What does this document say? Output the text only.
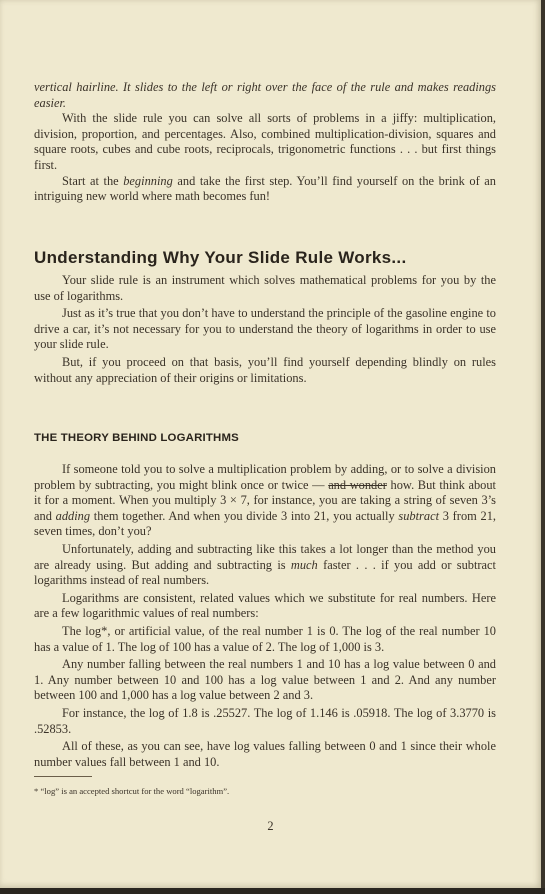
vertical hairline. It slides to the left or right over the face of the rule and makes readings easier.

With the slide rule you can solve all sorts of problems in a jiffy: multiplication, division, proportion, and percentages. Also, combined multiplication-division, squares and square roots, cubes and cube roots, reciprocals, trigonometric functions . . . but first things first.

Start at the beginning and take the first step. You’ll find yourself on the brink of an intriguing new world where math becomes fun!

Understanding Why Your Slide Rule Works...

Your slide rule is an instrument which solves mathematical problems for you by the use of logarithms.

Just as it’s true that you don’t have to understand the principle of the gasoline engine to drive a car, it’s not necessary for you to understand the theory of logarithms in order to use your slide rule.

But, if you proceed on that basis, you’ll find yourself depending blindly on rules without any appreciation of their origins or limitations.

THE THEORY BEHIND LOGARITHMS

If someone told you to solve a multiplication problem by adding, or to solve a division problem by subtracting, you might blink once or twice — and wonder how. But think about it for a moment. When you multiply 3 × 7, for instance, you are taking a string of seven 3’s and adding them together. And when you divide 3 into 21, you actually subtract 3 from 21, seven times, don’t you?

Unfortunately, adding and subtracting like this takes a lot longer than the method you are already using. But adding and subtracting is much faster . . . if you add or subtract logarithms instead of real numbers.

Logarithms are consistent, related values which we substitute for real numbers. Here are a few logarithmic values of real numbers:

The log*, or artificial value, of the real number 1 is 0. The log of the real number 10 has a value of 1. The log of 100 has a value of 2. The log of 1,000 is 3.

Any number falling between the real numbers 1 and 10 has a log value between 0 and 1. Any number between 10 and 100 has a log value between 1 and 2. And any number between 100 and 1,000 has a log value between 2 and 3.

For instance, the log of 1.8 is .25527. The log of 1.146 is .05918. The log of 3.3770 is .52853.

All of these, as you can see, have log values falling between 0 and 1 since their whole number values fall between 1 and 10.

* “log” is an accepted shortcut for the word “logarithm”.
2
